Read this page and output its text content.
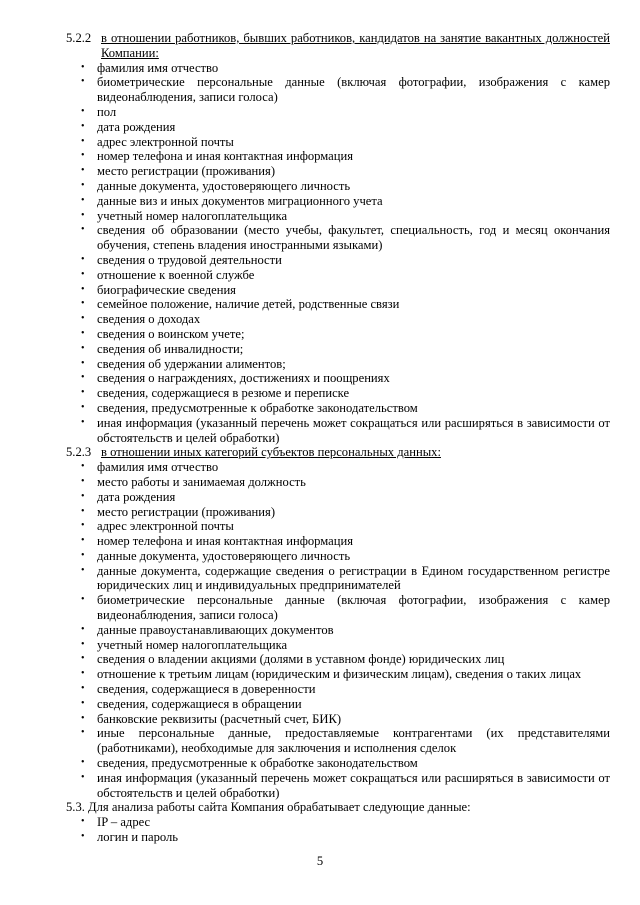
5.2.2 в отношении работников, бывших работников, кандидатов на занятие вакантных должностей Компании:
• фамилия имя отчество
• биометрические персональные данные (включая фотографии, изображения с камер видеонаблюдения, записи голоса)
• пол
• дата рождения
• адрес электронной почты
• номер телефона и иная контактная информация
• место регистрации (проживания)
• данные документа, удостоверяющего личность
• данные виз и иных документов миграционного учета
• учетный номер налогоплательщика
• сведения об образовании (место учебы, факультет, специальность, год и месяц окончания обучения, степень владения иностранными языками)
• сведения о трудовой деятельности
• отношение к военной службе
• биографические сведения
• семейное положение, наличие детей, родственные связи
• сведения о доходах
• сведения о воинском учете;
• сведения об инвалидности;
• сведения об удержании алиментов;
• сведения о награждениях, достижениях и поощрениях
• сведения, содержащиеся в резюме и переписке
• сведения, предусмотренные к обработке законодательством
• иная информация (указанный перечень может сокращаться или расширяться в зависимости от обстоятельств и целей обработки)
5.2.3 в отношении иных категорий субъектов персональных данных:
• фамилия имя отчество
• место работы и занимаемая должность
• дата рождения
• место регистрации (проживания)
• адрес электронной почты
• номер телефона и иная контактная информация
• данные документа, удостоверяющего личность
• данные документа, содержащие сведения о регистрации в Едином государственном регистре юридических лиц и индивидуальных предпринимателей
• биометрические персональные данные (включая фотографии, изображения с камер видеонаблюдения, записи голоса)
• данные правоустанавливающих документов
• учетный номер налогоплательщика
• сведения о владении акциями (долями в уставном фонде) юридических лиц
• отношение к третьим лицам (юридическим и физическим лицам), сведения о таких лицах
• сведения, содержащиеся в доверенности
• сведения, содержащиеся в обращении
• банковские реквизиты (расчетный счет, БИК)
• иные персональные данные, предоставляемые контрагентами (их представителями (работниками), необходимые для заключения и исполнения сделок
• сведения, предусмотренные к обработке законодательством
• иная информация (указанный перечень может сокращаться или расширяться в зависимости от обстоятельств и целей обработки)
5.3. Для анализа работы сайта Компания обрабатывает следующие данные:
• IP – адрес
• логин и пароль
5
